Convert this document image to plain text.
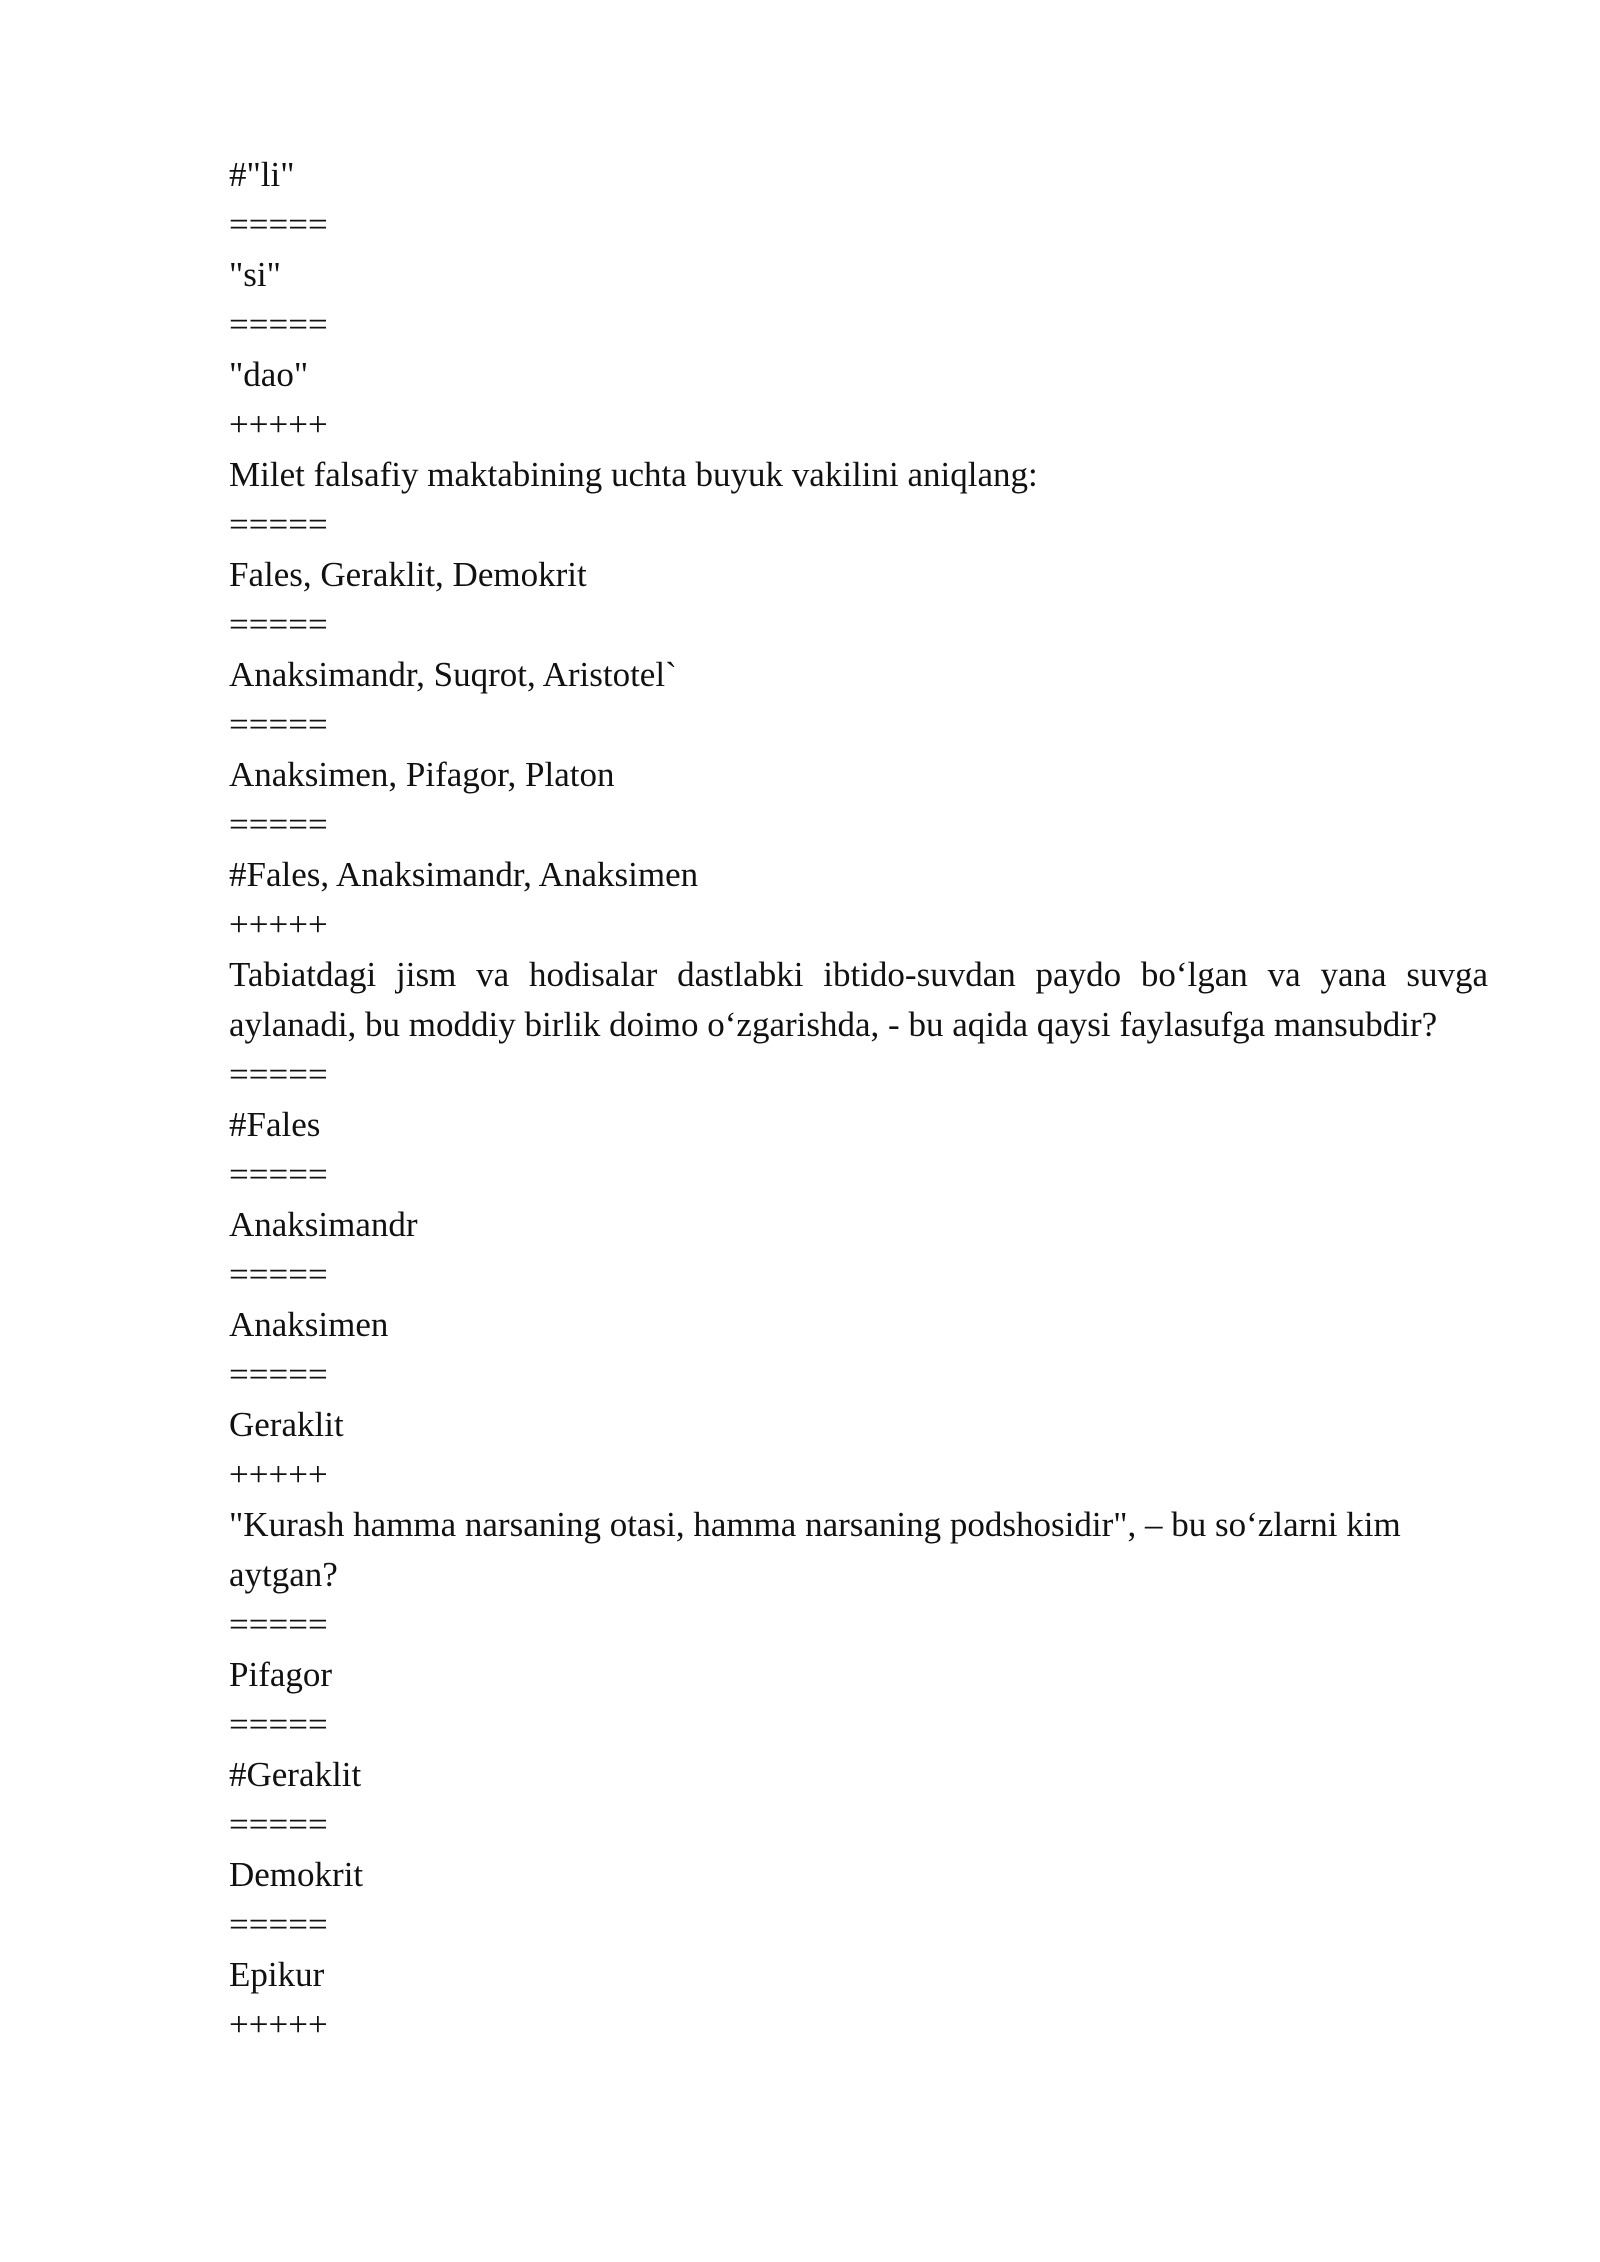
#"li"

=====

"si"

=====

"dao"

+++++

Milet falsafiy maktabining uchta buyuk vakilini aniqlang:

=====

Fales, Geraklit, Demokrit

=====

Anaksimandr, Suqrot, Aristotel`

=====

Anaksimen, Pifagor, Platon

=====

#Fales, Anaksimandr, Anaksimen

+++++

Tabiatdagi jism va hodisalar dastlabki ibtido-suvdan paydo bo‘lgan va yana suvga aylanadi, bu moddiy birlik doimo o‘zgarishda, - bu aqida qaysi faylasufga mansubdir?

=====

#Fales

=====

Anaksimandr

=====

Anaksimen

=====

Geraklit

+++++

"Kurash hamma narsaning otasi, hamma narsaning podshosidir", – bu so‘zlarni kim aytgan?

=====

Pifagor

=====

#Geraklit

=====

Demokrit

=====

Epikur

+++++
